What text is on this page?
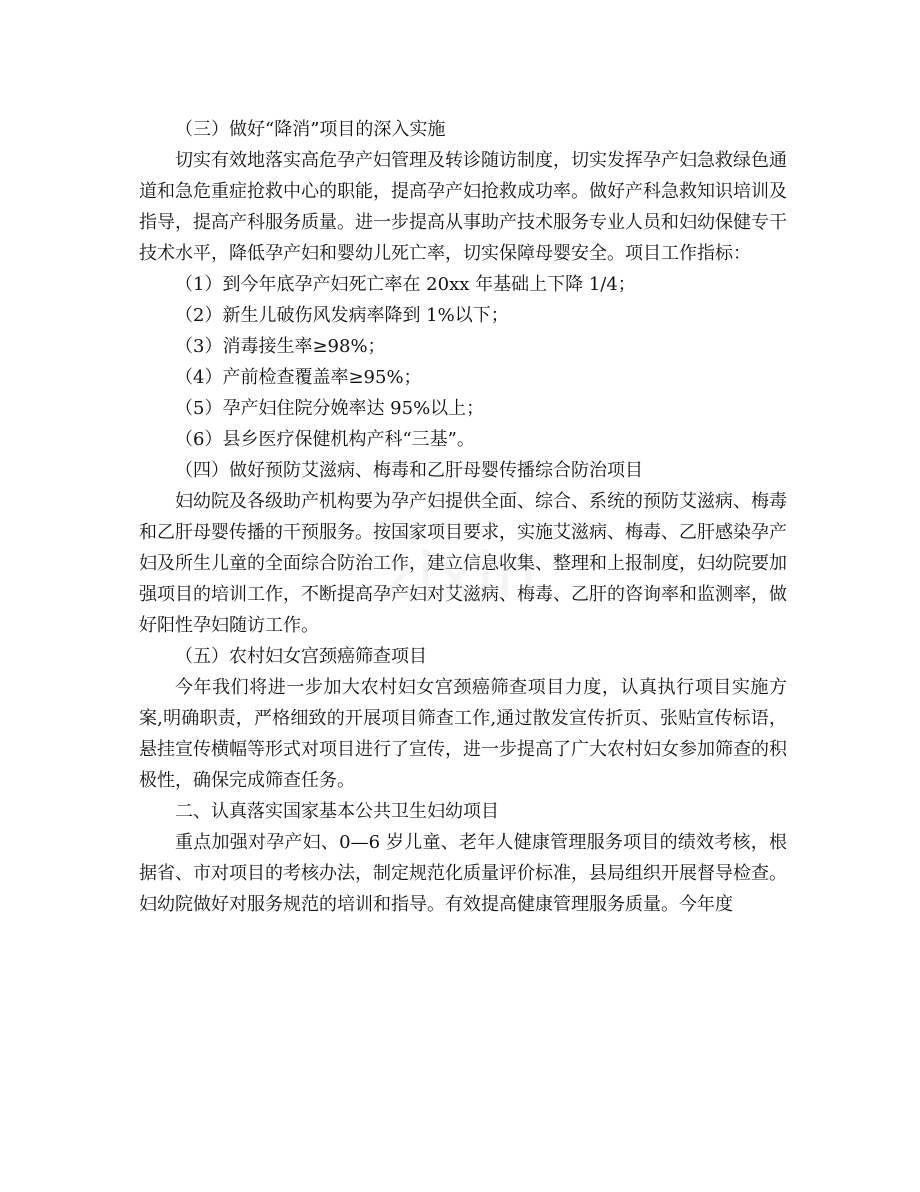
（三）做好“降消”项目的深入实施

切实有效地落实高危孕产妇管理及转诊随访制度，切实发挥孕产妇急救绿色通道和急危重症抢救中心的职能，提高孕产妇抢救成功率。做好产科急救知识培训及指导，提高产科服务质量。进一步提高从事助产技术服务专业人员和妇幼保健专干技术水平，降低孕产妇和婴幼儿死亡率，切实保障母婴安全。项目工作指标：

（1）到今年底孕产妇死亡率在 20xx 年基础上下降 1/4；
（2）新生儿破伤风发病率降到 1%以下；
（3）消毒接生率≥98%；
（4）产前检查覆盖率≥95%；
（5）孕产妇住院分娩率达 95%以上；
（6）县乡医疗保健机构产科“三基”。
（四）做好预防艾滋病、梅毒和乙肝母婴传播综合防治项目

妇幼院及各级助产机构要为孕产妇提供全面、综合、系统的预防艾滋病、梅毒和乙肝母婴传播的干预服务。按国家项目要求，实施艾滋病、梅毒、乙肝感染孕产妇及所生儿童的全面综合防治工作，建立信息收集、整理和上报制度，妇幼院要加强项目的培训工作，不断提高孕产妇对艾滋病、梅毒、乙肝的咨询率和监测率，做好阳性孕妇随访工作。

（五）农村妇女宫颈癌筛查项目

今年我们将进一步加大农村妇女宫颈癌筛查项目力度，认真执行项目实施方案,明确职责，严格细致的开展项目筛查工作,通过散发宣传折页、张贴宣传标语，悬挂宣传横幅等形式对项目进行了宣传，进一步提高了广大农村妇女参加筛查的积极性，确保完成筛查任务。

二、认真落实国家基本公共卫生妇幼项目

重点加强对孕产妇、0—6 岁儿童、老年人健康管理服务项目的绩效考核，根据省、市对项目的考核办法，制定规范化质量评价标准，县局组织开展督导检查。 妇幼院做好对服务规范的培训和指导。有效提高健康管理服务质量。今年度

zixin
